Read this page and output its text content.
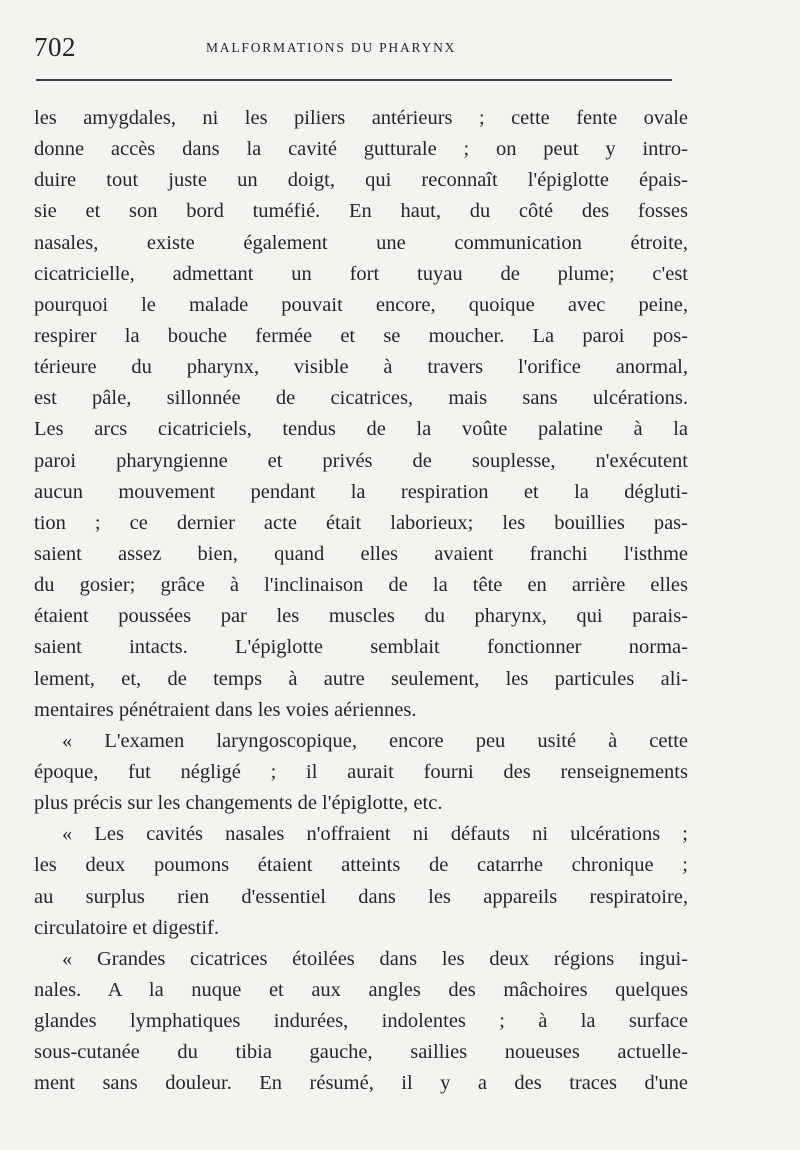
702	MALFORMATIONS DU PHARYNX
les amygdales, ni les piliers antérieurs ; cette fente ovale
donne accès dans la cavité gutturale ; on peut y intro-
duire tout juste un doigt, qui reconnaît l'épiglotte épais-
sie et son bord tuméfié. En haut, du côté des fosses
nasales, existe également une communication étroite,
cicatricielle, admettant un fort tuyau de plume; c'est
pourquoi le malade pouvait encore, quoique avec peine,
respirer la bouche fermée et se moucher. La paroi pos-
térieure du pharynx, visible à travers l'orifice anormal,
est pâle, sillonnée de cicatrices, mais sans ulcérations.
Les arcs cicatriciels, tendus de la voûte palatine à la
paroi pharyngienne et privés de souplesse, n'exécutent
aucun mouvement pendant la respiration et la dégluti-
tion ; ce dernier acte était laborieux; les bouillies pas-
saient assez bien, quand elles avaient franchi l'isthme
du gosier; grâce à l'inclinaison de la tête en arrière elles
étaient poussées par les muscles du pharynx, qui parais-
saient intacts. L'épiglotte semblait fonctionner norma-
lement, et, de temps à autre seulement, les particules ali-
mentaires pénétraient dans les voies aériennes.
« L'examen laryngoscopique, encore peu usité à cette
époque, fut négligé ; il aurait fourni des renseignements
plus précis sur les changements de l'épiglotte, etc.
« Les cavités nasales n'offraient ni défauts ni ulcérations ;
les deux poumons étaient atteints de catarrhe chronique ;
au surplus rien d'essentiel dans les appareils respiratoire,
circulatoire et digestif.
« Grandes cicatrices étoilées dans les deux régions ingui-
nales. A la nuque et aux angles des mâchoires quelques
glandes lymphatiques indurées, indolentes ; à la surface
sous-cutanée du tibia gauche, saillies noueuses actuelle-
ment sans douleur. En résumé, il y a des traces d'une
